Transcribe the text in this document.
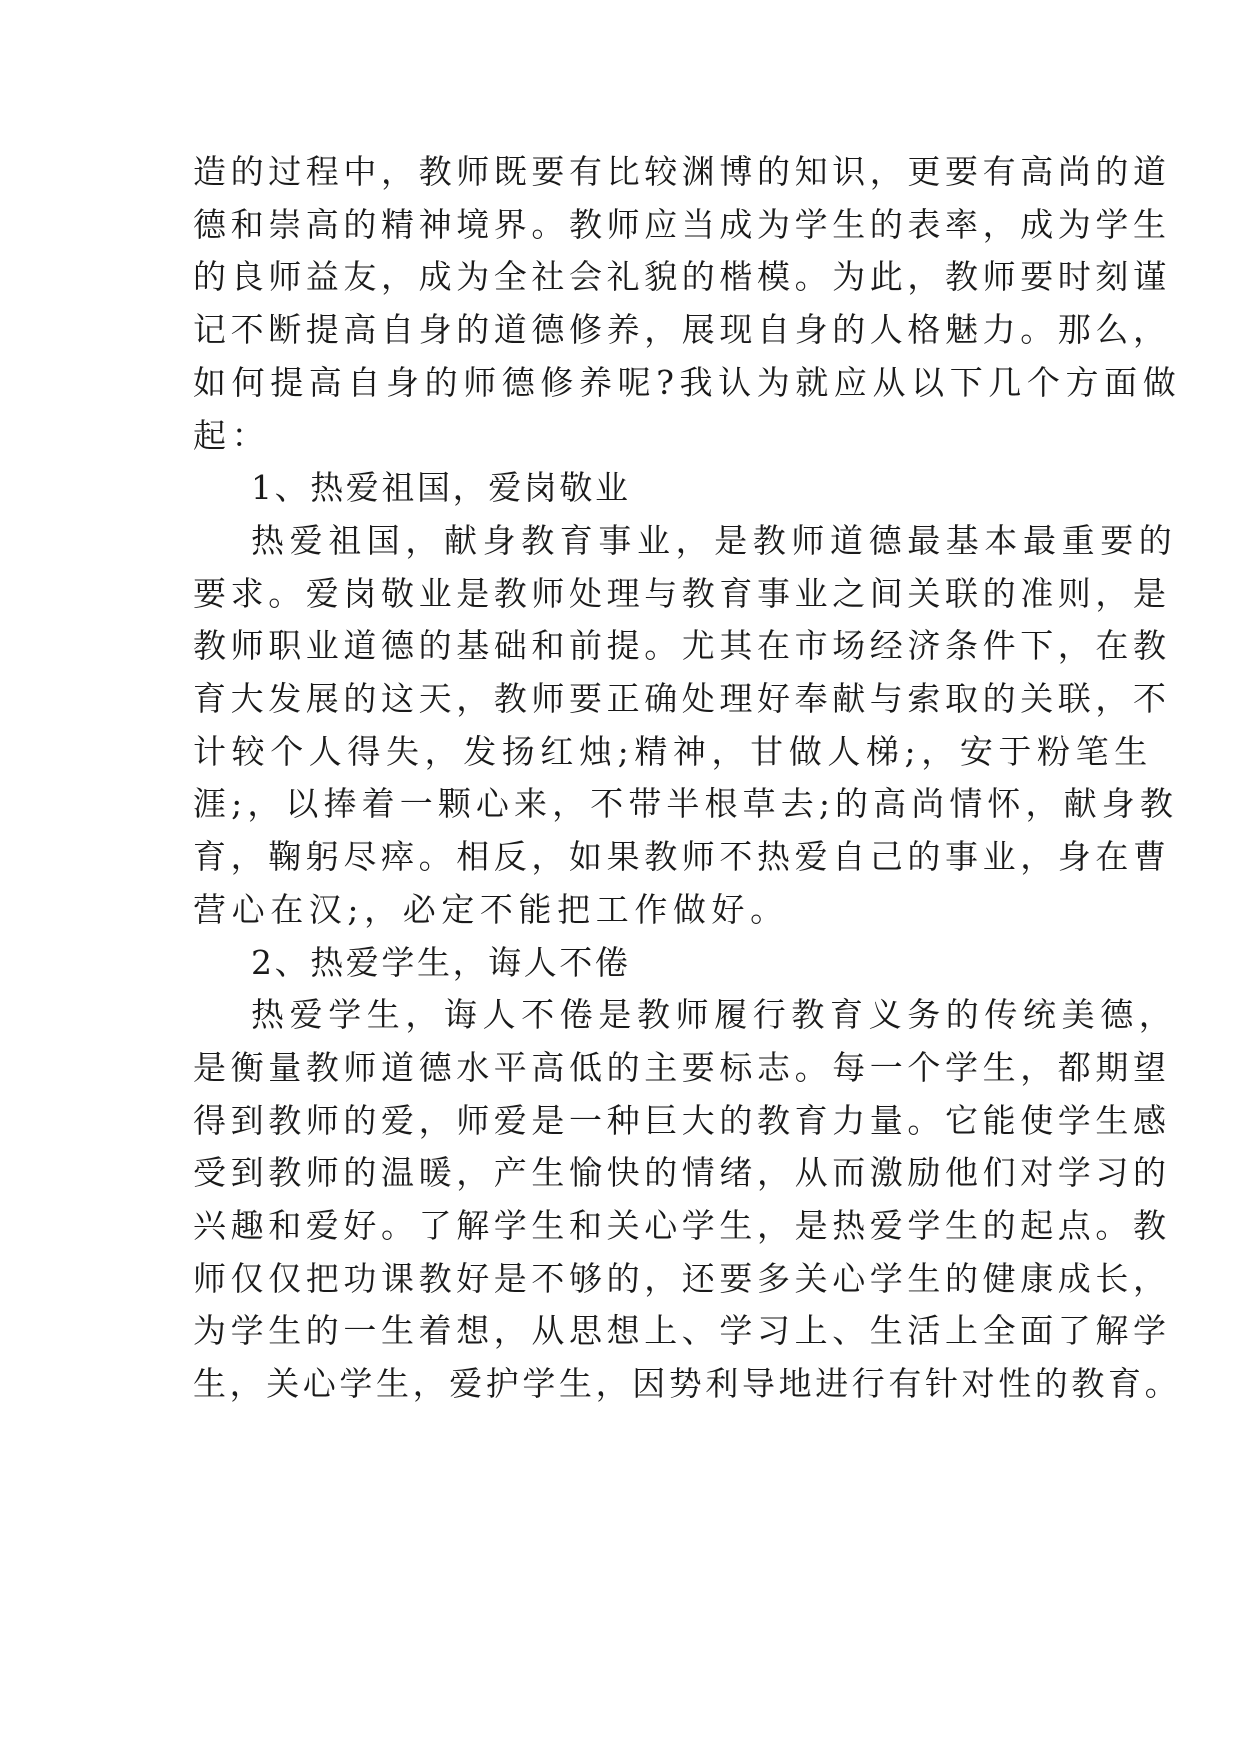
造的过程中，教师既要有比较渊博的知识，更要有高尚的道
德和崇高的精神境界。教师应当成为学生的表率，成为学生
的良师益友，成为全社会礼貌的楷模。为此，教师要时刻谨
记不断提高自身的道德修养，展现自身的人格魅力。那么，
如何提高自身的师德修养呢?我认为就应从以下几个方面做
起：
1、热爱祖国，爱岗敬业
热爱祖国，献身教育事业，是教师道德最基本最重要的
要求。爱岗敬业是教师处理与教育事业之间关联的准则，是
教师职业道德的基础和前提。尤其在市场经济条件下，在教
育大发展的这天，教师要正确处理好奉献与索取的关联，不
计较个人得失，发扬红烛;精神，甘做人梯;，安于粉笔生
涯;，以捧着一颗心来，不带半根草去;的高尚情怀，献身教
育，鞠躬尽瘁。相反，如果教师不热爱自己的事业，身在曹
营心在汉;，必定不能把工作做好。
2、热爱学生，诲人不倦
热爱学生，诲人不倦是教师履行教育义务的传统美德，
是衡量教师道德水平高低的主要标志。每一个学生，都期望
得到教师的爱，师爱是一种巨大的教育力量。它能使学生感
受到教师的温暖，产生愉快的情绪，从而激励他们对学习的
兴趣和爱好。了解学生和关心学生，是热爱学生的起点。教
师仅仅把功课教好是不够的，还要多关心学生的健康成长，
为学生的一生着想，从思想上、学习上、生活上全面了解学
生，关心学生，爱护学生，因势利导地进行有针对性的教育。
